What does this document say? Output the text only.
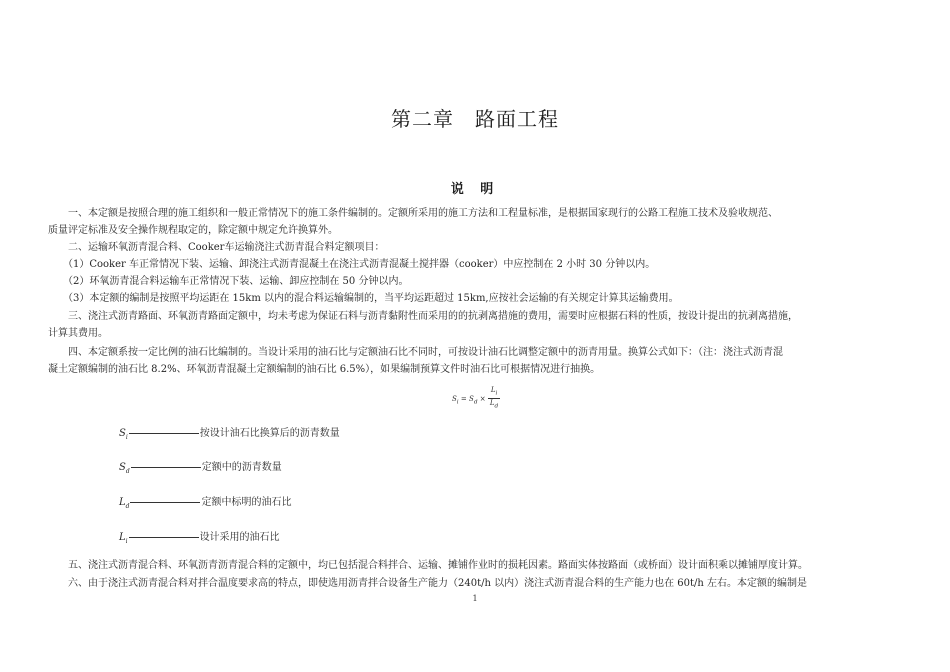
第二章　路面工程
说 明
　　一、本定额是按照合理的施工组织和一般正常情况下的施工条件编制的。定额所采用的施工方法和工程量标准，是根据国家现行的公路工程施工技术及验收规范、
质量评定标准及安全操作规程取定的，除定额中规定允许换算外。
　　二、运输环氧沥青混合料、Cooker车运输浇注式沥青混合料定额项目：
　　（1）Cooker 车正常情况下装、运输、卸浇注式沥青混凝土在浇注式沥青混凝土搅拌器（cooker）中应控制在 2 小时 30 分钟以内。
　　（2）环氧沥青混合料运输车正常情况下装、运输、卸应控制在 50 分钟以内。
　　（3）本定额的编制是按照平均运距在 15km 以内的混合料运输编制的，当平均运距超过 15km,应按社会运输的有关规定计算其运输费用。
　　三、浇注式沥青路面、环氧沥青路面定额中，均未考虑为保证石料与沥青黏附性而采用的的抗剥离措施的费用，需要时应根据石料的性质，按设计提出的抗剥离措施，
计算其费用。
　　四、本定额系按一定比例的油石比编制的。当设计采用的油石比与定额油石比不同时，可按设计油石比调整定额中的沥青用量。换算公式如下：（注：浇注式沥青混
凝土定额编制的油石比 8.2%、环氧沥青混凝土定额编制的油石比 6.5%），如果编制预算文件时油石比可根据情况进行抽换。
$S_i = S_d \times \frac{L_i}{L_d}$
$S_i$	按设计油石比换算后的沥青数量
$S_d$	定额中的沥青数量
$L_d$	定额中标明的油石比
$L_i$	设计采用的油石比
　　五、浇注式沥青混合料、环氧沥青沥青混合料的定额中，均已包括混合料拌合、运输、摊铺作业时的损耗因素。路面实体按路面（或桥面）设计面积乘以摊铺厚度计算。
　　六、由于浇注式沥青混合料对拌合温度要求高的特点，即使选用沥青拌合设备生产能力（240t/h 以内）浇注式沥青混合料的生产能力也在 60t/h 左右。本定额的编制是
1
